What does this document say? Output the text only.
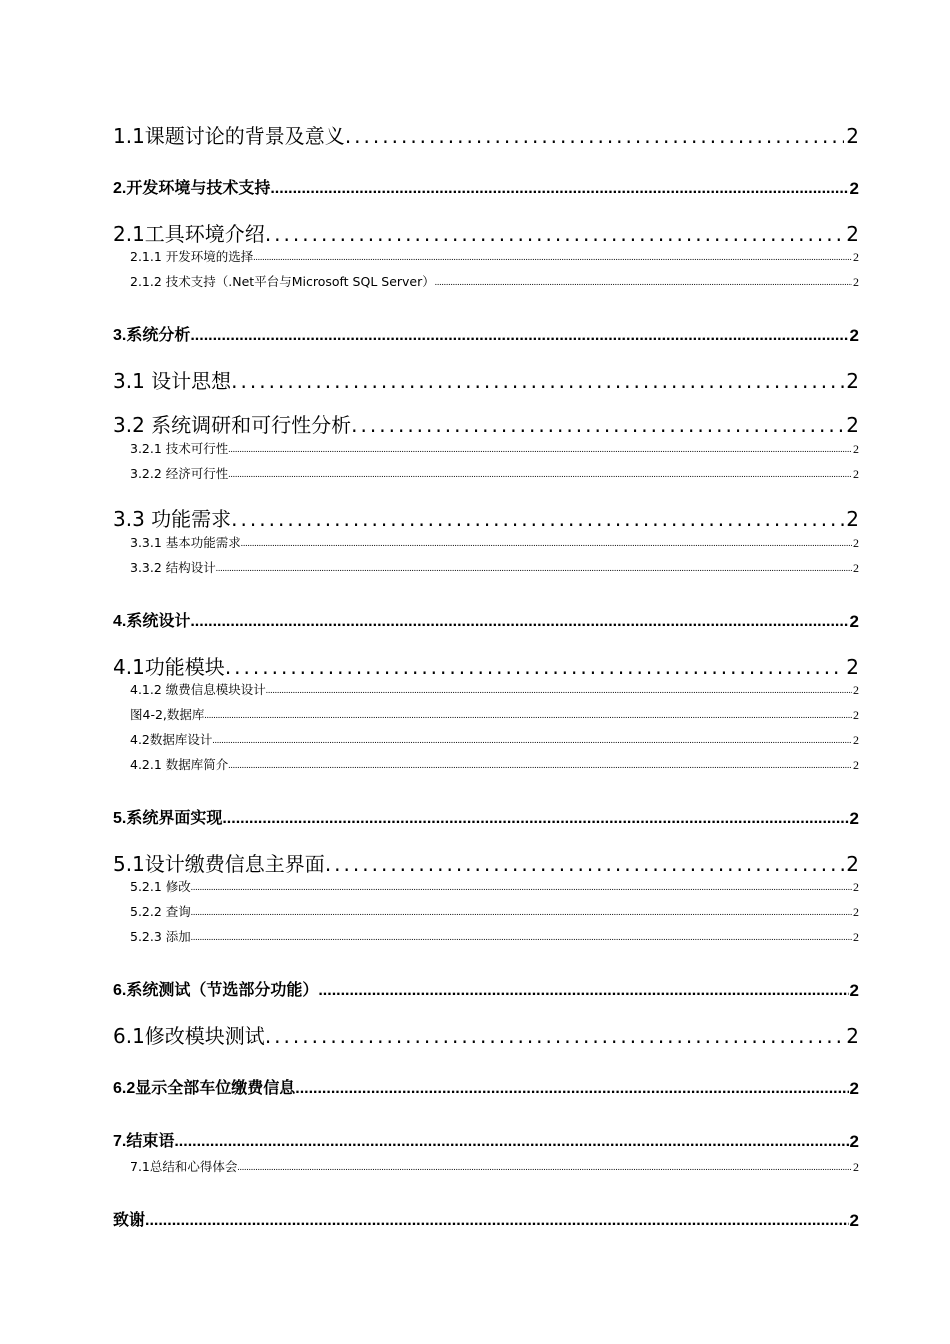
1.1课题讨论的背景及意义 .....	2
2.开发环境与技术支持 .....	2
2.1工具环境介绍 .....	2
2.1.1 开发环境的选择 .....	2
2.1.2 技术支持（.Net平台与Microsoft SQL Server） .....	2
3.系统分析 .....	2
3.1 设计思想 .....	2
3.2 系统调研和可行性分析 .....	2
3.2.1 技术可行性 .....	2
3.2.2 经济可行性 .....	2
3.3 功能需求 .....	2
3.3.1 基本功能需求 .....	2
3.3.2 结构设计 .....	2
4.系统设计 .....	2
4.1功能模块 .....	2
4.1.2 缴费信息模块设计 .....	2
图4-2,数据库 .....	2
4.2数据库设计 .....	2
4.2.1 数据库简介 .....	2
5.系统界面实现 .....	2
5.1设计缴费信息主界面 .....	2
5.2.1 修改 .....	2
5.2.2 查询 .....	2
5.2.3 添加 .....	2
6.系统测试（节选部分功能） .....	2
6.1修改模块测试 .....	2
6.2显示全部车位缴费信息 .....	2
7.结束语 .....	2
7.1总结和心得体会 .....	2
致谢 .....	2
